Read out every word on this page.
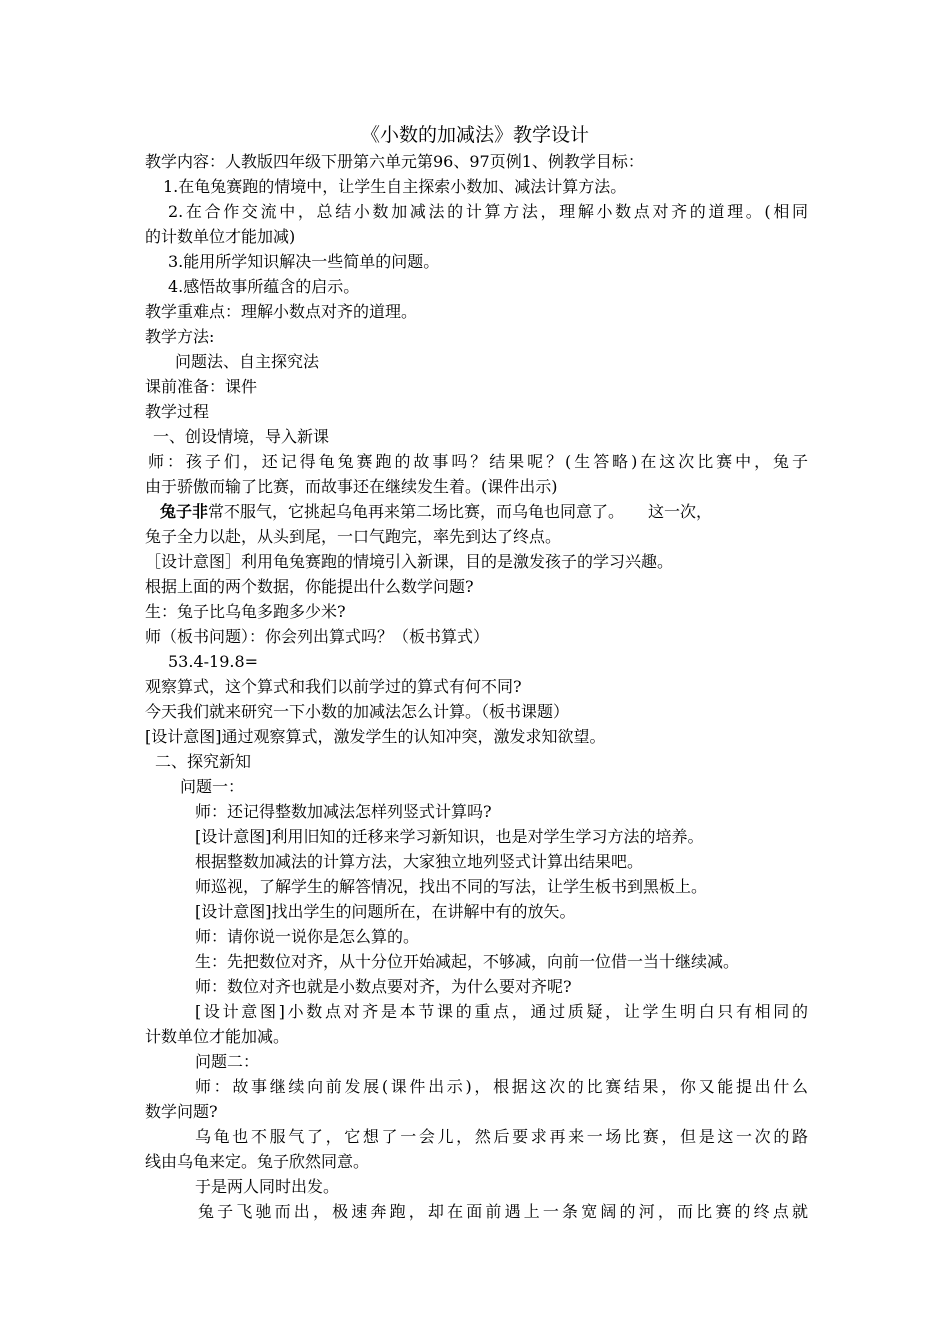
《小数的加减法》教学设计
教学内容：人教版四年级下册第六单元第96、97页例1、例教学目标：
1.在龟兔赛跑的情境中，让学生自主探索小数加、减法计算方法。
2.在合作交流中，总结小数加减法的计算方法，理解小数点对齐的道理。(相同
的计数单位才能加减)
3.能用所学知识解决一些简单的问题。
4.感悟故事所蕴含的启示。
教学重难点：理解小数点对齐的道理。
教学方法:
问题法、自主探究法
课前准备：课件
教学过程
一、创设情境，导入新课
师：孩子们，还记得龟兔赛跑的故事吗？结果呢？(生答略)在这次比赛中，兔子
由于骄傲而输了比赛，而故事还在继续发生着。(课件出示)
兔子非常不服气，它挑起乌龟再来第二场比赛，而乌龟也同意了。　　这一次，
兔子全力以赴，从头到尾，一口气跑完，率先到达了终点。
［设计意图］利用龟兔赛跑的情境引入新课，目的是激发孩子的学习兴趣。
根据上面的两个数据，你能提出什么数学问题?
生：兔子比乌龟多跑多少米?
师（板书问题）：你会列出算式吗？（板书算式）
53.4-19.8=
观察算式，这个算式和我们以前学过的算式有何不同?
今天我们就来研究一下小数的加减法怎么计算。（板书课题）
[设计意图]通过观察算式，激发学生的认知冲突，激发求知欲望。
二、探究新知
问题一：
师：还记得整数加减法怎样列竖式计算吗?
[设计意图]利用旧知的迁移来学习新知识，也是对学生学习方法的培养。
根据整数加减法的计算方法，大家独立地列竖式计算出结果吧。
师巡视，了解学生的解答情况，找出不同的写法，让学生板书到黑板上。
[设计意图]找出学生的问题所在，在讲解中有的放矢。
师：请你说一说你是怎么算的。
生：先把数位对齐，从十分位开始减起，不够减，向前一位借一当十继续减。
师：数位对齐也就是小数点要对齐，为什么要对齐呢?
[设计意图]小数点对齐是本节课的重点，通过质疑，让学生明白只有相同的
计数单位才能加减。
问题二：
师：故事继续向前发展(课件出示)，根据这次的比赛结果，你又能提出什么
数学问题?
乌龟也不服气了，它想了一会儿，然后要求再来一场比赛，但是这一次的路
线由乌龟来定。兔子欣然同意。
于是两人同时出发。
兔子飞驰而出，极速奔跑，却在面前遇上一条宽阔的河，而比赛的终点就
